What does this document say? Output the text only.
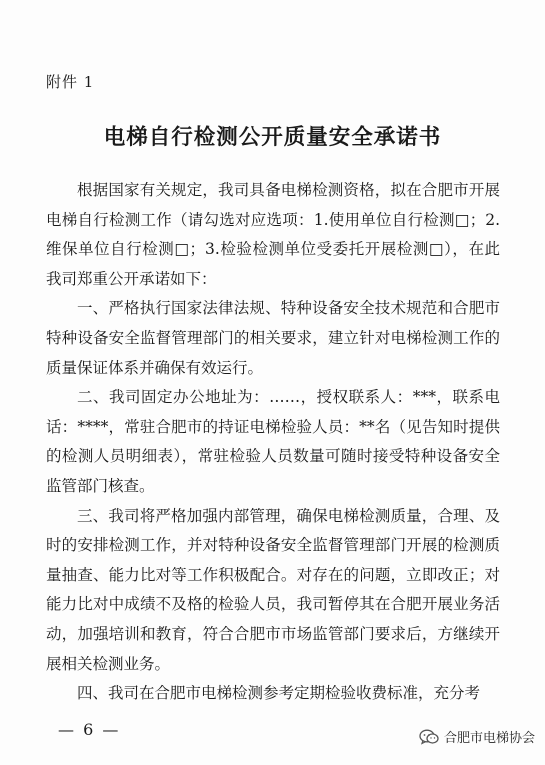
附件 1
电梯自行检测公开质量安全承诺书

根据国家有关规定，我司具备电梯检测资格，拟在合肥市开展电梯自行检测工作（请勾选对应选项：1.使用单位自行检测□；2.维保单位自行检测□；3.检验检测单位受委托开展检测□），在此我司郑重公开承诺如下：

一、严格执行国家法律法规、特种设备安全技术规范和合肥市特种设备安全监督管理部门的相关要求，建立针对电梯检测工作的质量保证体系并确保有效运行。

二、我司固定办公地址为：……，授权联系人：***，联系电话：****，常驻合肥市的持证电梯检验人员：**名（见告知时提供的检测人员明细表），常驻检验人员数量可随时接受特种设备安全监管部门核查。

三、我司将严格加强内部管理，确保电梯检测质量，合理、及时的安排检测工作，并对特种设备安全监督管理部门开展的检测质量抽查、能力比对等工作积极配合。对存在的问题，立即改正；对能力比对中成绩不及格的检验人员，我司暂停其在合肥开展业务活动，加强培训和教育，符合合肥市市场监管部门要求后，方继续开展相关检测业务。

四、我司在合肥市电梯检测参考定期检验收费标准，充分考

— 6 —	合肥市电梯协会
